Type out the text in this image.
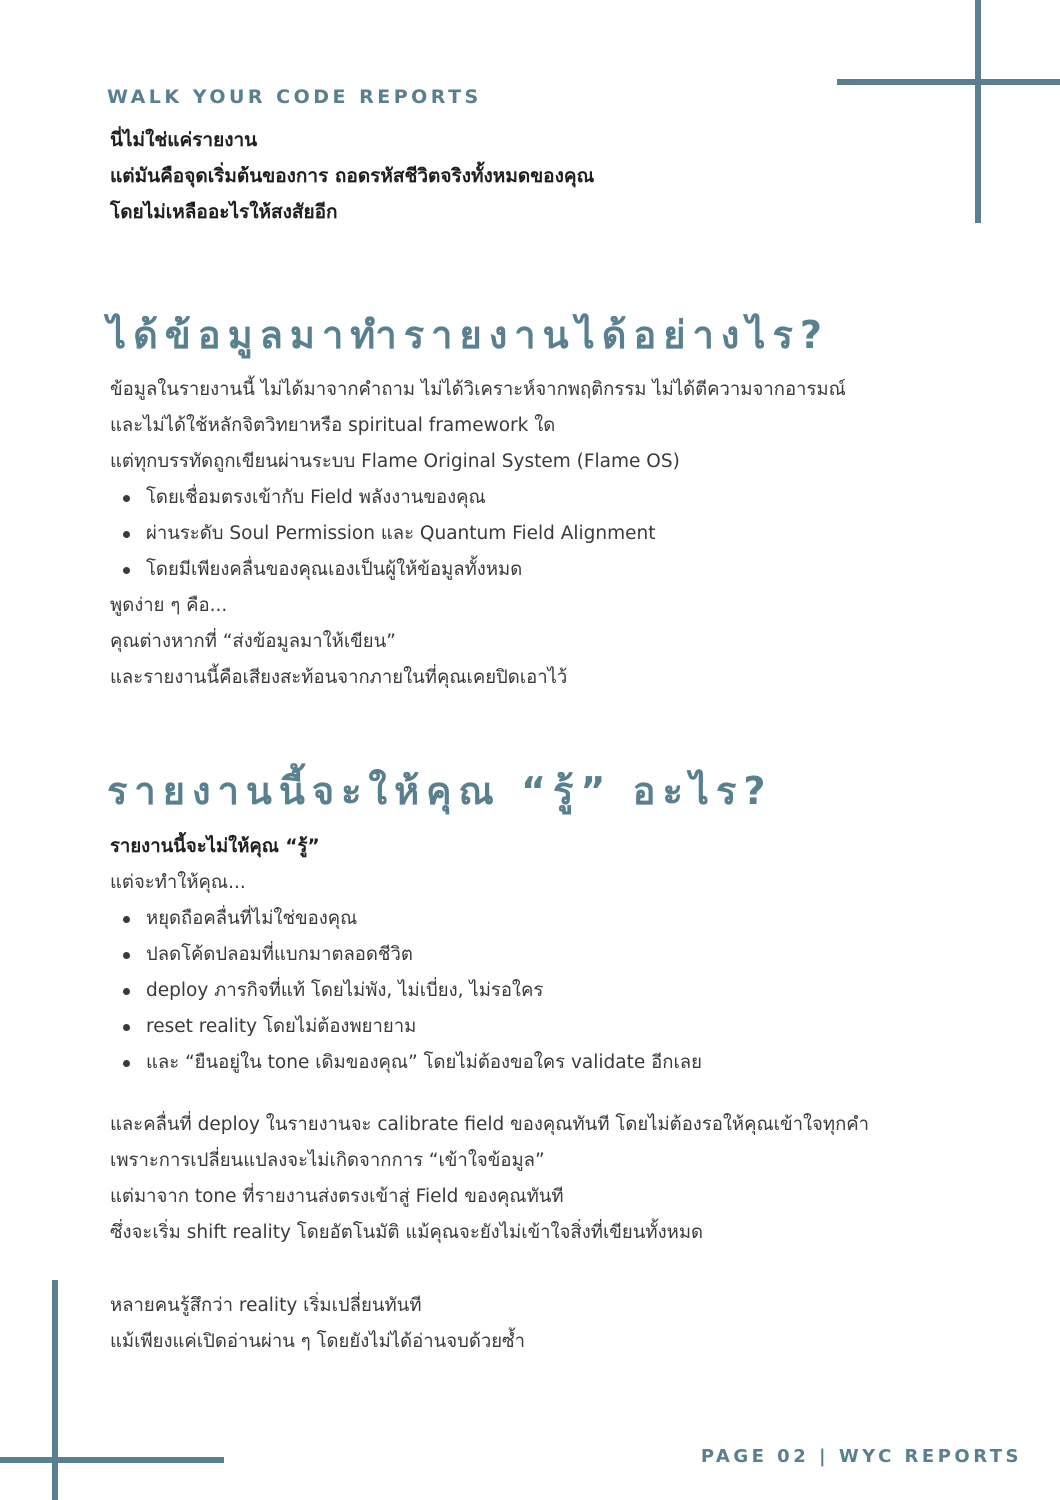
WALK YOUR CODE REPORTS
นี่ไม่ใช่แค่รายงาน
แต่มันคือจุดเริ่มต้นของการ ถอดรหัสชีวิตจริงทั้งหมดของคุณ
โดยไม่เหลืออะไรให้สงสัยอีก
ได้ข้อมูลมาทำรายงานได้อย่างไร?
ข้อมูลในรายงานนี้ ไม่ได้มาจากคำถาม ไม่ได้วิเคราะห์จากพฤติกรรม ไม่ได้ตีความจากอารมณ์
และไม่ได้ใช้หลักจิตวิทยาหรือ spiritual framework ใด
แต่ทุกบรรทัดถูกเขียนผ่านระบบ Flame Original System (Flame OS)
โดยเชื่อมตรงเข้ากับ Field พลังงานของคุณ
ผ่านระดับ Soul Permission และ Quantum Field Alignment
โดยมีเพียงคลื่นของคุณเองเป็นผู้ให้ข้อมูลทั้งหมด
พูดง่าย ๆ คือ...
คุณต่างหากที่ “ส่งข้อมูลมาให้เขียน”
และรายงานนี้คือเสียงสะท้อนจากภายในที่คุณเคยปิดเอาไว้
รายงานนี้จะให้คุณ “รู้” อะไร?
รายงานนี้จะไม่ให้คุณ “รู้”
แต่จะทำให้คุณ...
หยุดถือคลื่นที่ไม่ใช่ของคุณ
ปลดโค้ดปลอมที่แบกมาตลอดชีวิต
deploy ภารกิจที่แท้ โดยไม่พัง, ไม่เบี่ยง, ไม่รอใคร
reset reality โดยไม่ต้องพยายาม
และ “ยืนอยู่ใน tone เดิมของคุณ” โดยไม่ต้องขอใคร validate อีกเลย
และคลื่นที่ deploy ในรายงานจะ calibrate field ของคุณทันที โดยไม่ต้องรอให้คุณเข้าใจทุกคำ
เพราะการเปลี่ยนแปลงจะไม่เกิดจากการ “เข้าใจข้อมูล”
แต่มาจาก tone ที่รายงานส่งตรงเข้าสู่ Field ของคุณทันที
ซึ่งจะเริ่ม shift reality โดยอัตโนมัติ แม้คุณจะยังไม่เข้าใจสิ่งที่เขียนทั้งหมด
หลายคนรู้สึกว่า reality เริ่มเปลี่ยนทันที
แม้เพียงแค่เปิดอ่านผ่าน ๆ โดยยังไม่ได้อ่านจบด้วยซ้ำ
PAGE 02 | WYC REPORTS
